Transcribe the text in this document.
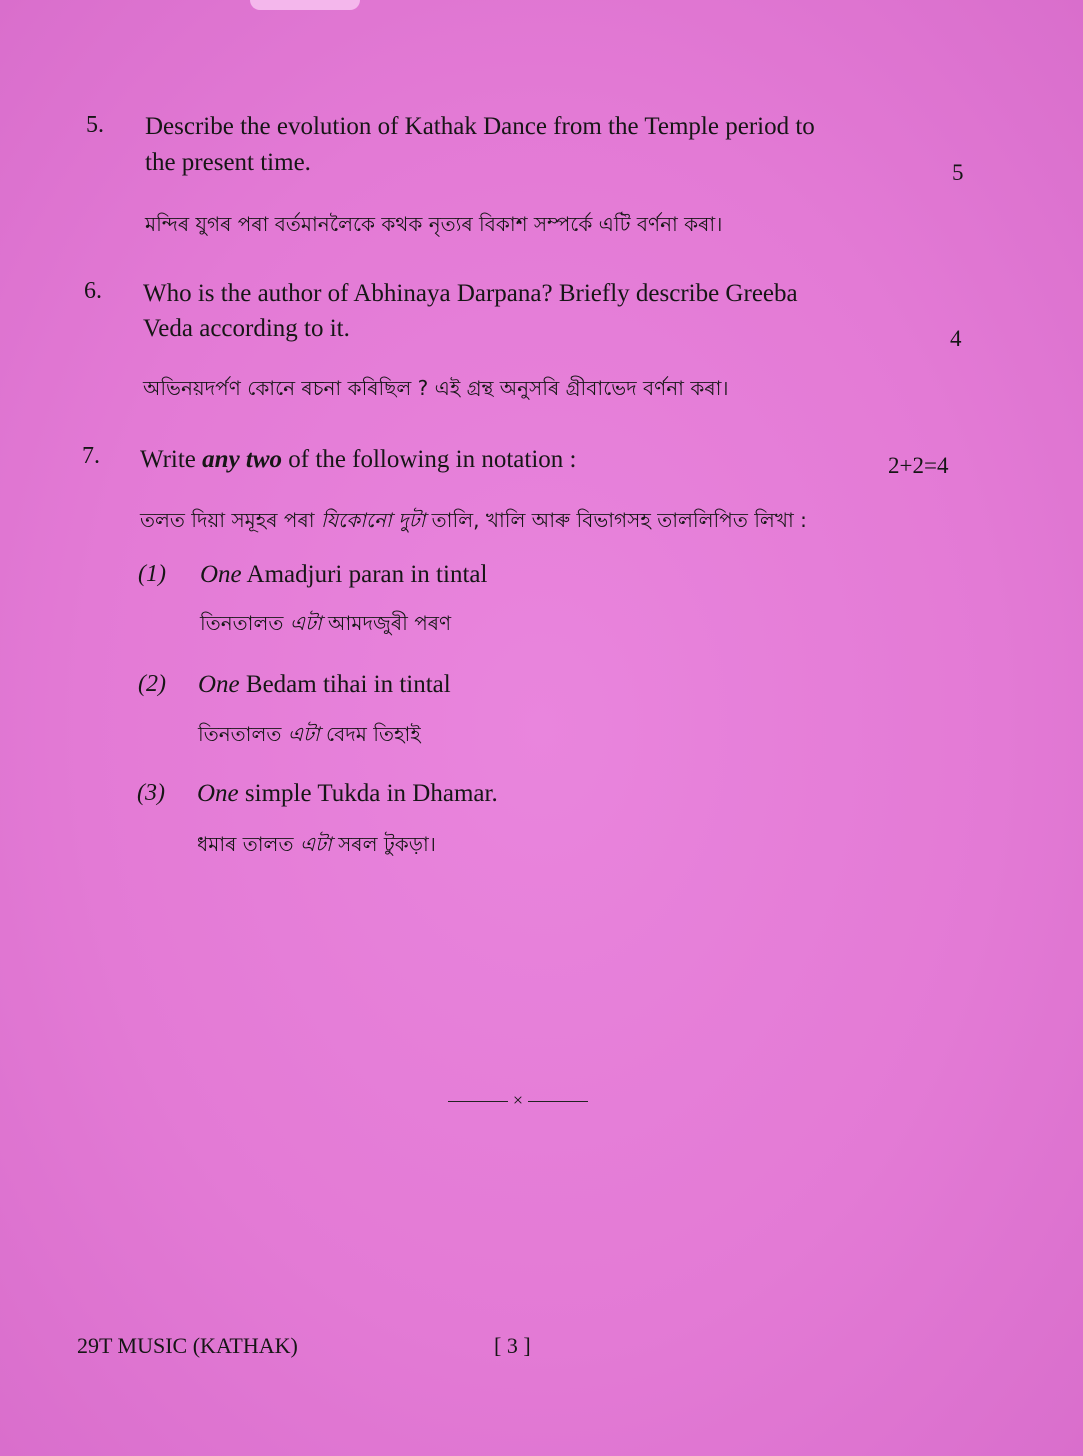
5. Describe the evolution of Kathak Dance from the Temple period to
the present time.	5
মন্দিৰ যুগৰ পৰা বৰ্তমানলৈকে কথক নৃত্যৰ বিকাশ সম্পৰ্কে এটি বৰ্ণনা কৰা।
6. Who is the author of Abhinaya Darpana? Briefly describe Greeba
Veda according to it.	4
অভিনয়দৰ্পণ কোনে ৰচনা কৰিছিল ? এই গ্ৰন্থ অনুসৰি গ্ৰীবাভেদ বৰ্ণনা কৰা।
7. Write any two of the following in notation :	2+2=4
তলত দিয়া সমূহৰ পৰা যিকোনো দুটা তালি, খালি আৰু বিভাগসহ তাললিপিত লিখা :
(1) One Amadjuri paran in tintal
তিনতালত এটা আমদজুৰী পৰণ
(2) One Bedam tihai in tintal
তিনতালত এটা বেদম তিহাই
(3) One simple Tukda in Dhamar.
ধমাৰ তালত এটা সৰল টুকড়া।
×
29T MUSIC (KATHAK)	[ 3 ]
